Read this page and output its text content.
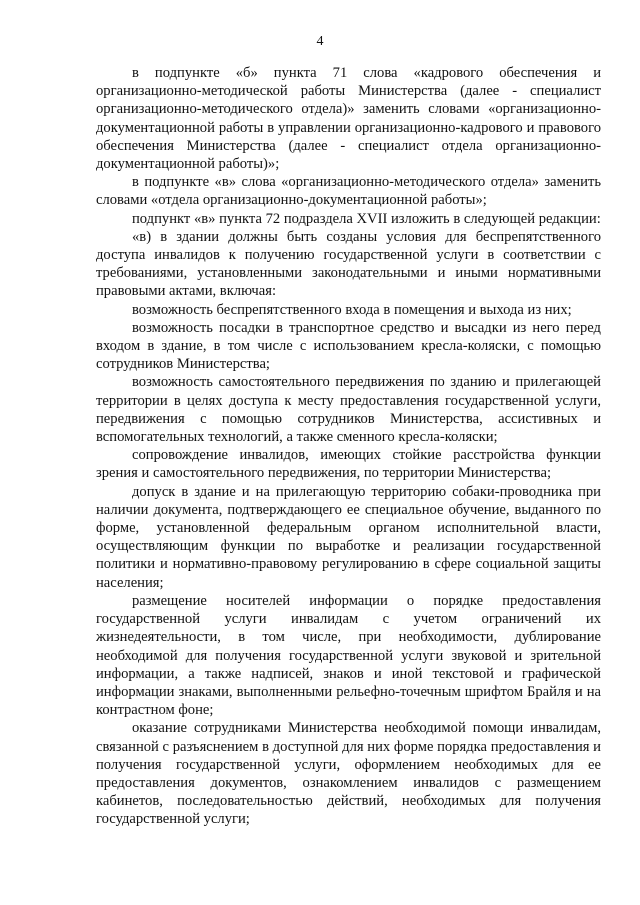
4

в подпункте «б» пункта 71 слова «кадрового обеспечения и организационно-методической работы Министерства (далее - специалист организационно-методического отдела)» заменить словами «организационно-документационной работы в управлении организационно-кадрового и правового обеспечения Министерства (далее - специалист отдела организационно-документационной работы)»;

в подпункте «в» слова «организационно-методического отдела» заменить словами «отдела организационно-документационной работы»;

подпункт «в» пункта 72 подраздела XVII изложить в следующей редакции:

«в) в здании должны быть созданы условия для беспрепятственного доступа инвалидов к получению государственной услуги в соответствии с требованиями, установленными законодательными и иными нормативными правовыми актами, включая:

возможность беспрепятственного входа в помещения и выхода из них;

возможность посадки в транспортное средство и высадки из него перед входом в здание, в том числе с использованием кресла-коляски, с помощью сотрудников Министерства;

возможность самостоятельного передвижения по зданию и прилегающей территории в целях доступа к месту предоставления государственной услуги, передвижения с помощью сотрудников Министерства, ассистивных и вспомогательных технологий, а также сменного кресла-коляски;

сопровождение инвалидов, имеющих стойкие расстройства функции зрения и самостоятельного передвижения, по территории Министерства;

допуск в здание и на прилегающую территорию собаки-проводника при наличии документа, подтверждающего ее специальное обучение, выданного по форме, установленной федеральным органом исполнительной власти, осуществляющим функции по выработке и реализации государственной политики и нормативно-правовому регулированию в сфере социальной защиты населения;

размещение носителей информации о порядке предоставления государственной услуги инвалидам с учетом ограничений их жизнедеятельности, в том числе, при необходимости, дублирование необходимой для получения государственной услуги звуковой и зрительной информации, а также надписей, знаков и иной текстовой и графической информации знаками, выполненными рельефно-точечным шрифтом Брайля и на контрастном фоне;

оказание сотрудниками Министерства необходимой помощи инвалидам, связанной с разъяснением в доступной для них форме порядка предоставления и получения государственной услуги, оформлением необходимых для ее предоставления документов, ознакомлением инвалидов с размещением кабинетов, последовательностью действий, необходимых для получения государственной услуги;
